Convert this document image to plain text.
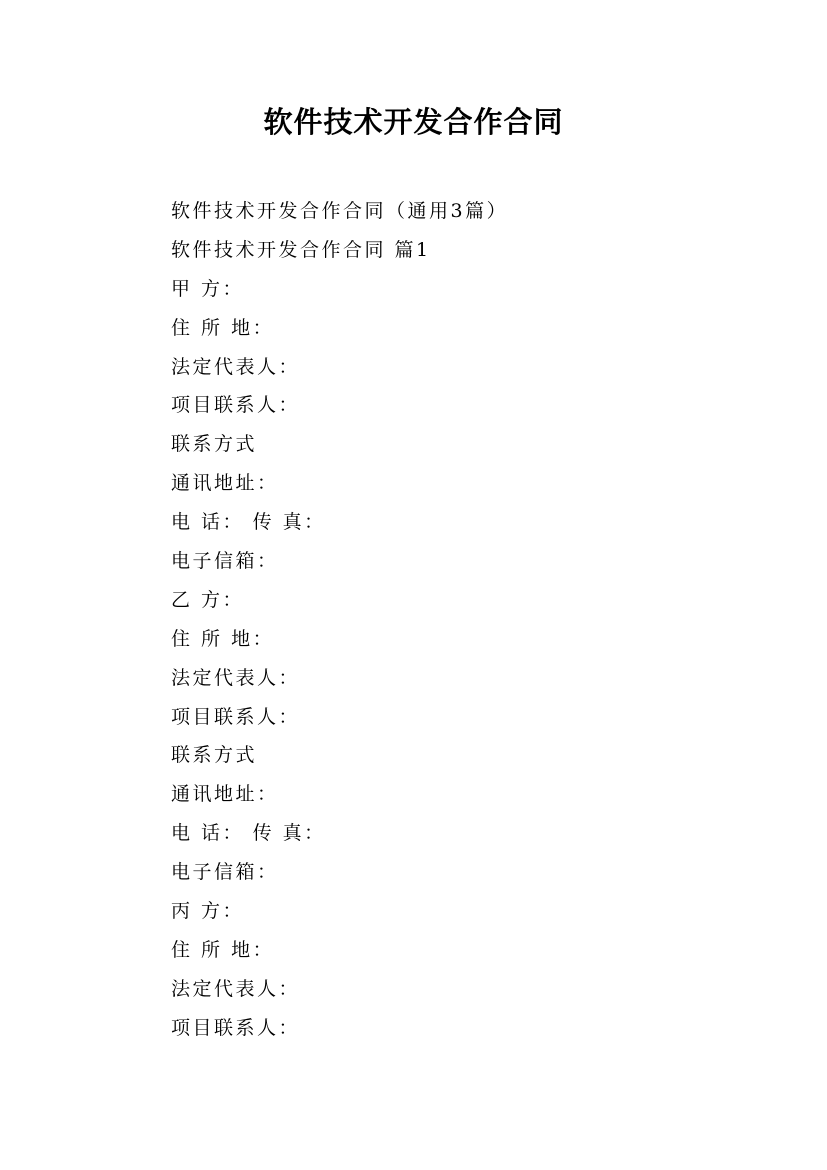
软件技术开发合作合同

软件技术开发合作合同（通用3篇）

软件技术开发合作合同 篇1

甲 方：

住 所 地：

法定代表人：

项目联系人：

联系方式

通讯地址：

电 话： 传 真：

电子信箱：

乙 方：

住 所 地：

法定代表人：

项目联系人：

联系方式

通讯地址：

电 话： 传 真：

电子信箱：

丙 方：

住 所 地：

法定代表人：

项目联系人：
